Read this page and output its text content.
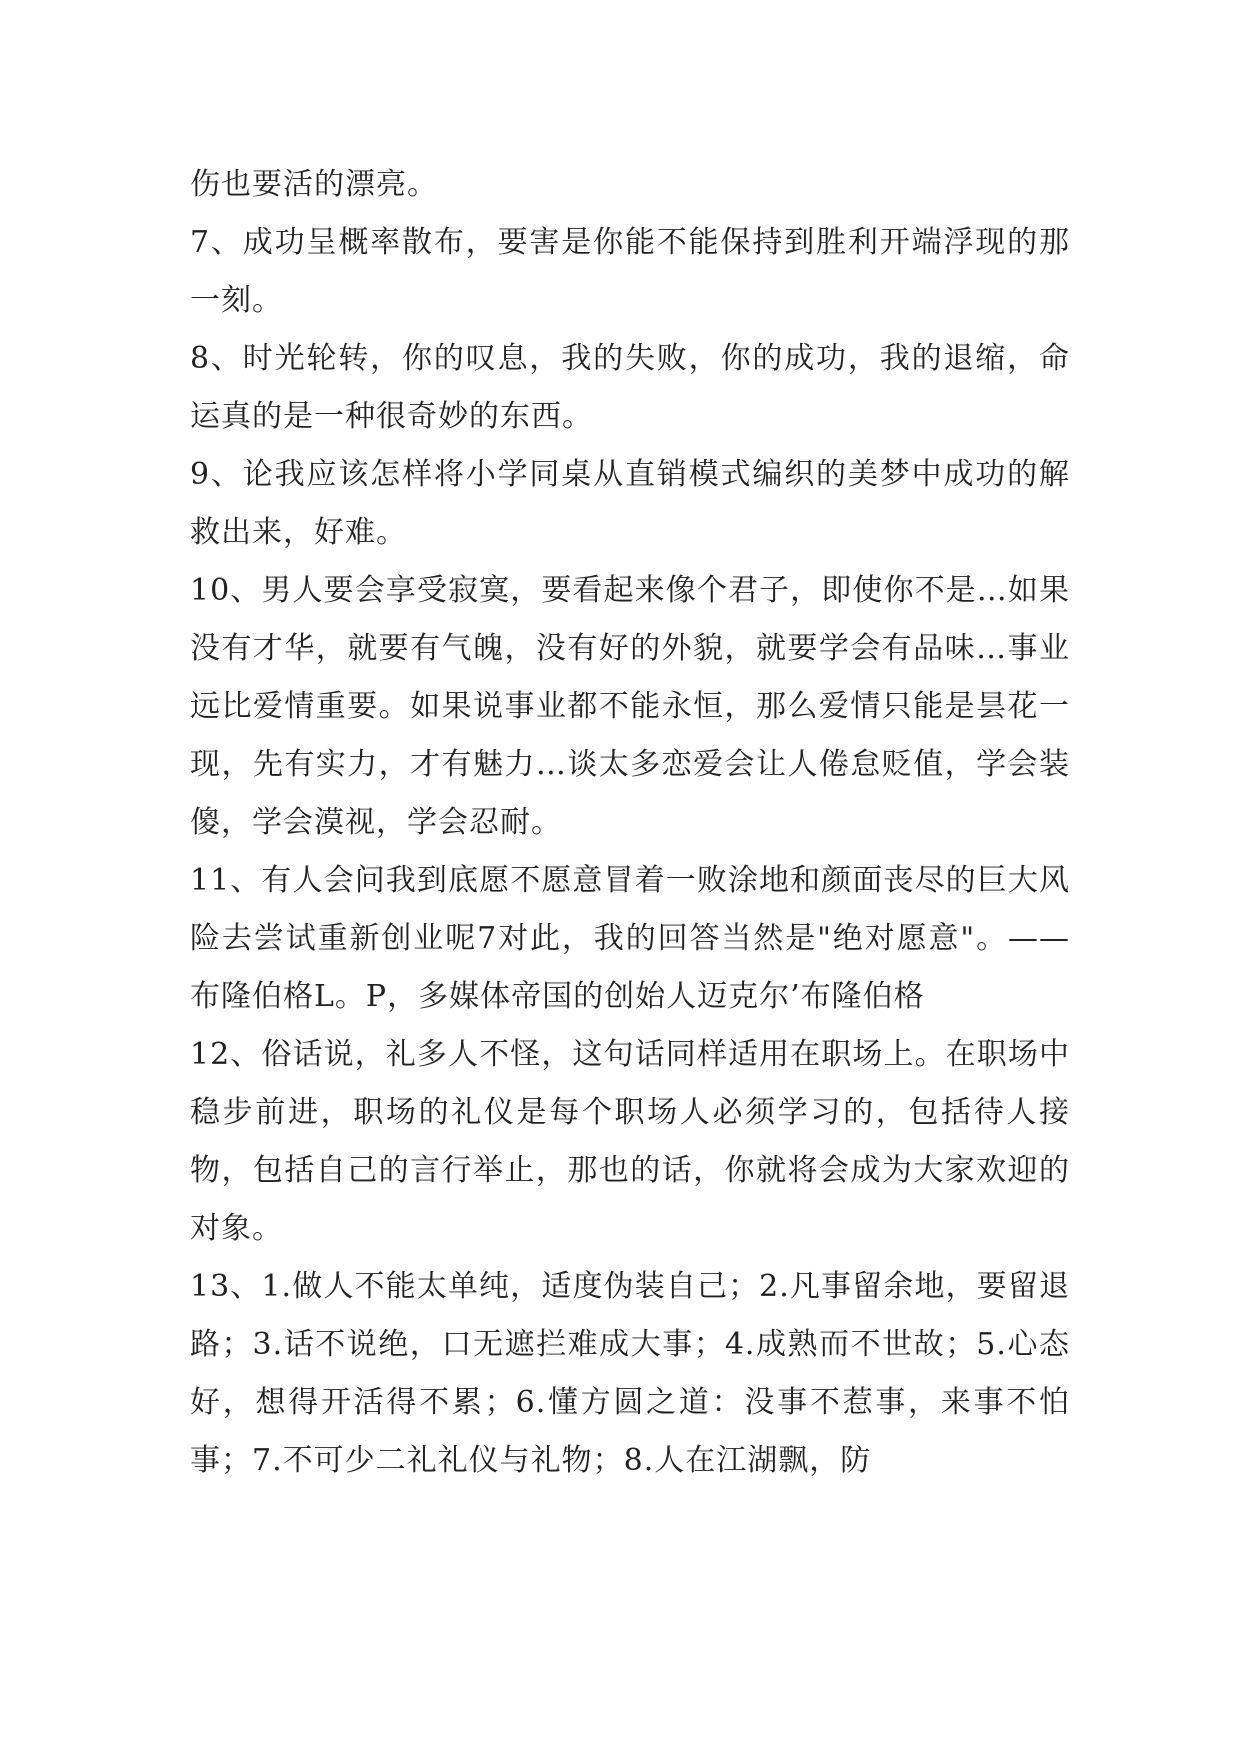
伤也要活的漂亮。

7、成功呈概率散布，要害是你能不能保持到胜利开端浮现的那一刻。

8、时光轮转，你的叹息，我的失败，你的成功，我的退缩，命运真的是一种很奇妙的东西。

9、论我应该怎样将小学同桌从直销模式编织的美梦中成功的解救出来，好难。

10、男人要会享受寂寞，要看起来像个君子，即使你不是…如果没有才华，就要有气魄，没有好的外貌，就要学会有品味…事业远比爱情重要。如果说事业都不能永恒，那么爱情只能是昙花一现，先有实力，才有魅力…谈太多恋爱会让人倦怠贬值，学会装傻，学会漠视，学会忍耐。

11、有人会问我到底愿不愿意冒着一败涂地和颜面丧尽的巨大风险去尝试重新创业呢7对此，我的回答当然是"绝对愿意"。——布隆伯格L。P，多媒体帝国的创始人迈克尔’布隆伯格

12、俗话说，礼多人不怪，这句话同样适用在职场上。在职场中稳步前进，职场的礼仪是每个职场人必须学习的，包括待人接物，包括自己的言行举止，那也的话，你就将会成为大家欢迎的对象。

13、1.做人不能太单纯，适度伪装自己；2.凡事留余地，要留退路；3.话不说绝，口无遮拦难成大事；4.成熟而不世故；5.心态好，想得开活得不累；6.懂方圆之道：没事不惹事，来事不怕事；7.不可少二礼礼仪与礼物；8.人在江湖飘，防
